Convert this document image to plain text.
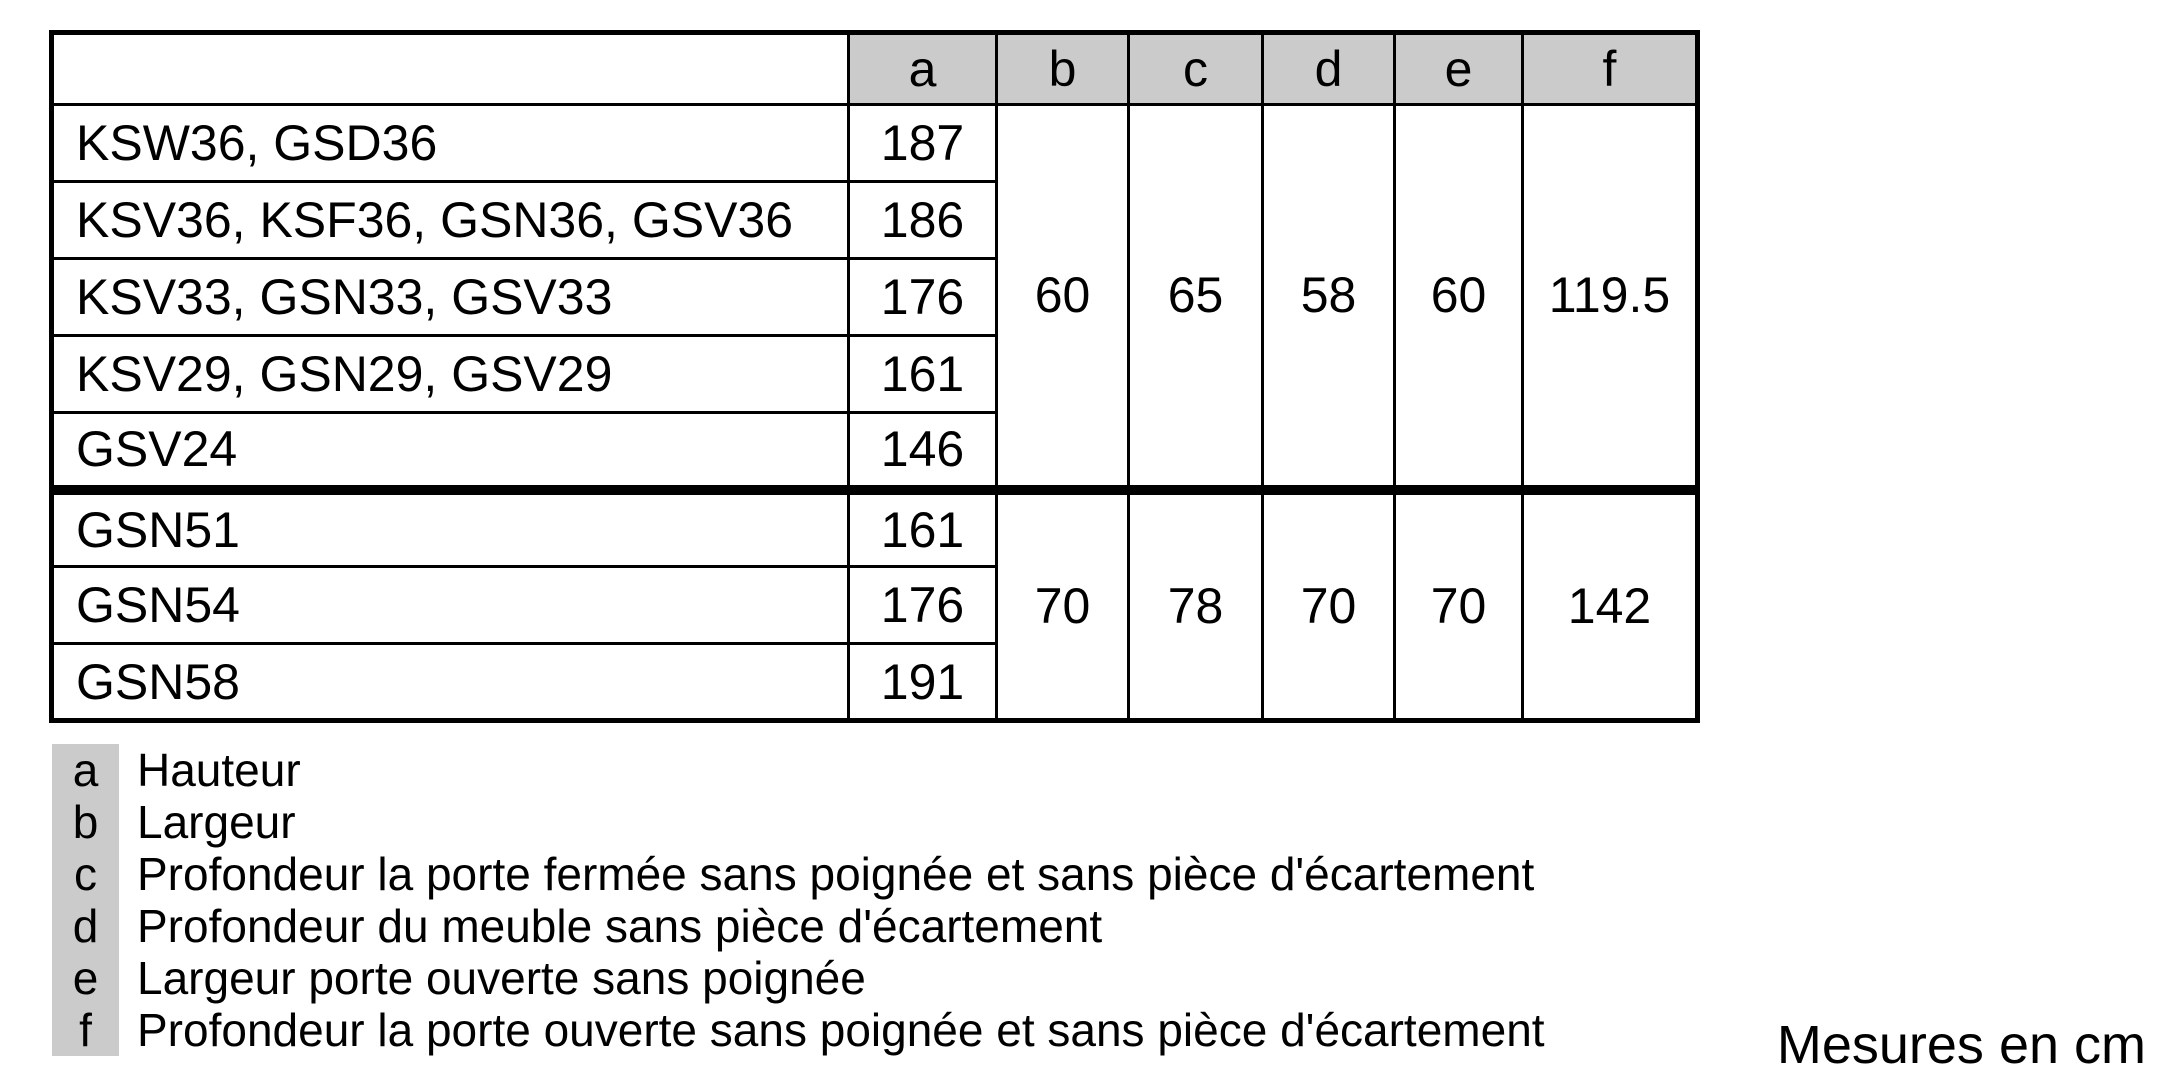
	a	b	c	d	e	f
KSW36, GSD36	187	60	65	58	60	119.5
KSV36, KSF36, GSN36, GSV36	186					
KSV33, GSN33, GSV33	176					
KSV29, GSN29, GSV29	161					
GSV24	146					
GSN51	161	70	78	70	70	142
GSN54	176					
GSN58	191					
a Hauteur
b Largeur
c Profondeur la porte fermée sans poignée et sans pièce d'écartement
d Profondeur du meuble sans pièce d'écartement
e Largeur porte ouverte sans poignée
f Profondeur la porte ouverte sans poignée et sans pièce d'écartement	Mesures en cm
